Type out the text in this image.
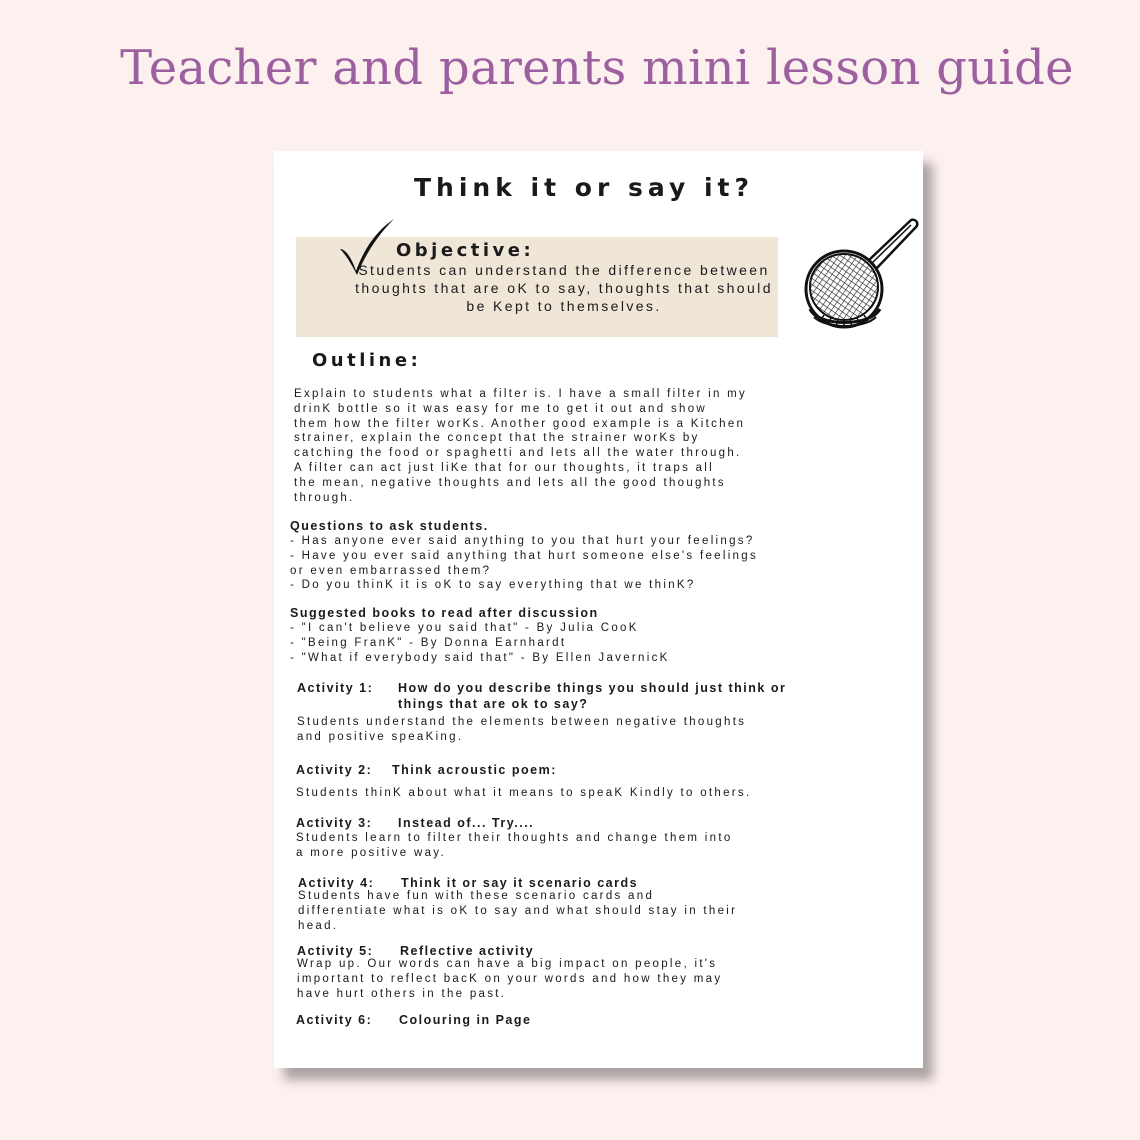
Teacher and parents mini lesson guide
Think it or say it?
Objective:
Students can understand the difference between thoughts that are oK to say, thoughts that should be Kept to themselves.
Outline:

Explain to students what a filter is. I have a small filter in my
drinK bottle so it was easy for me to get it out and show
them how the filter worKs. Another good example is a Kitchen
strainer, explain the concept that the strainer worKs by
catching the food or spaghetti and lets all the water through.
A filter can act just liKe that for our thoughts, it traps all
the mean, negative thoughts and lets all the good thoughts
through.

Questions to ask students.
- Has anyone ever said anything to you that hurt your feelings?
- Have you ever said anything that hurt someone else's feelings
or even embarrassed them?
- Do you thinK it is oK to say everything that we thinK?
Suggested books to read after discussion
- "I can't believe you said that" - By Julia CooK
- "Being FranK" - By Donna Earnhardt
- "What if everybody said that" - By Ellen JavernicK
Activity 1: How do you describe things you should just think or
things that are ok to say?

Students understand the elements between negative thoughts
and positive speaKing.

Activity 2: Think acroustic poem:

Students thinK about what it means to speaK Kindly to others.

Activity 3: Instead of... Try....

Students learn to filter their thoughts and change them into
a more positive way.

Activity 4: Think it or say it scenario cards

Students have fun with these scenario cards and
differentiate what is oK to say and what should stay in their
head.

Activity 5: Reflective activity

Wrap up. Our words can have a big impact on people, it's
important to reflect bacK on your words and how they may
have hurt others in the past.

Activity 6: Colouring in Page
